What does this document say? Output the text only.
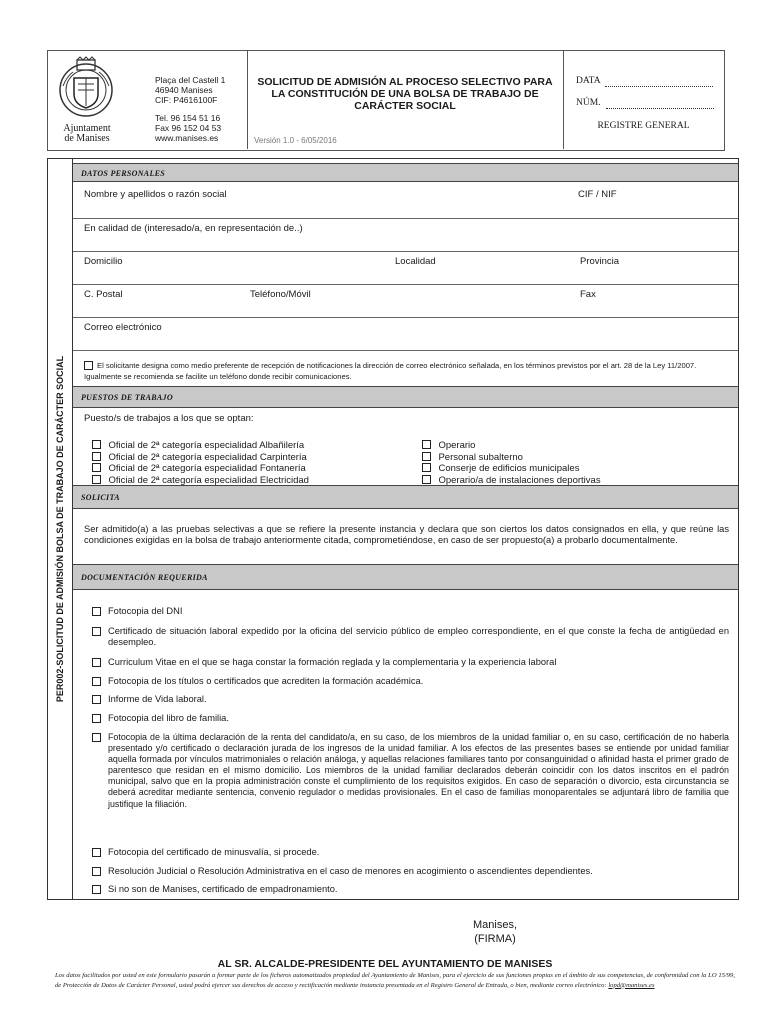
Ajuntament
de Manises
Plaça del Castell 1
46940 Manises
CIF: P4616100F
Tel. 96 154 51 16
Fax 96 152 04 53
www.manises.es
SOLICITUD DE ADMISIÓN AL PROCESO SELECTIVO PARA LA CONSTITUCIÓN DE UNA BOLSA DE TRABAJO DE CARÁCTER SOCIAL
Versión 1.0 - 6/05/2016
DATA
NÚM.
REGISTRE GENERAL
PER002-SOLICITUD DE ADMISIÓN BOLSA DE TRABAJO DE CARÁCTER SOCIAL
DATOS PERSONALES
Nombre y apellidos o razón social	CIF / NIF
En calidad de (interesado/a, en representación de..)
Domicilio	Localidad	Provincia
C. Postal	Teléfono/Móvil	Fax
Correo electrónico
El solicitante designa como medio preferente de recepción de notificaciones la dirección de correo electrónico señalada, en los términos previstos por el art. 28 de la Ley 11/2007. Igualmente se recomienda se facilite un teléfono donde recibir comunicaciones.
PUESTOS DE TRABAJO
Puesto/s de trabajos a los que se optan:
Oficial de 2ª categoría especialidad Albañilería
Oficial de 2ª categoría especialidad Carpintería
Oficial de 2ª categoría especialidad Fontanería
Oficial de 2ª categoría especialidad Electricidad
Operario
Personal subalterno
Conserje de edificios municipales
Operario/a de instalaciones deportivas
SOLICITA
Ser admitido(a) a las pruebas selectivas a que se refiere la presente instancia y declara que son ciertos los datos consignados en ella, y que reúne las condiciones exigidas en la bolsa de trabajo anteriormente citada, comprometiéndose, en caso de ser propuesto(a) a probarlo documentalmente.
DOCUMENTACIÓN REQUERIDA
Fotocopia del DNI
Certificado de situación laboral expedido por la oficina del servicio público de empleo correspondiente, en el que conste la fecha de antigüedad en desempleo.
Curriculum Vitae en el que se haga constar la formación reglada y la complementaria y la experiencia laboral
Fotocopia de los títulos o certificados que acrediten la formación académica.
Informe de Vida laboral.
Fotocopia del libro de familia.
Fotocopia de la última declaración de la renta del candidato/a, en su caso, de los miembros de la unidad familiar o, en su caso, certificación de no haberla presentado y/o certificado o declaración jurada de los ingresos de la unidad familiar. A los efectos de las presentes bases se entiende por unidad familiar aquella formada por vínculos matrimoniales o relación análoga, y aquellas relaciones familiares tanto por consanguinidad o afinidad hasta el primer grado de parentesco que residan en el mismo domicilio. Los miembros de la unidad familiar declarados deberán coincidir con los datos inscritos en el padrón municipal, salvo que en la propia administración conste el cumplimiento de los requisitos exigidos. En caso de separación o divorcio, esta circunstancia se deberá acreditar mediante sentencia, convenio regulador o medidas provisionales. En el caso de familias monoparentales se adjuntará libro de familia que justifique la filiación.
Fotocopia del certificado de minusvalía, si procede.
Resolución Judicial o Resolución Administrativa en el caso de menores en acogimiento o ascendientes dependientes.
Si no son de Manises, certificado de empadronamiento.
Manises,
(FIRMA)
AL SR. ALCALDE-PRESIDENTE DEL AYUNTAMIENTO DE MANISES
Los datos facilitados por usted en este formulario pasarán a formar parte de los ficheros automatizados propiedad del Ayuntamiento de Manises, para el ejercicio de sus funciones propias en el ámbito de sus competencias, de conformidad con la LO 15/99, de Protección de Datos de Carácter Personal, usted podrá ejercer sus derechos de acceso y rectificación mediante instancia presentada en el Registro General de Entrada, o bien, mediante correo electrónico: lopd@manises.es
